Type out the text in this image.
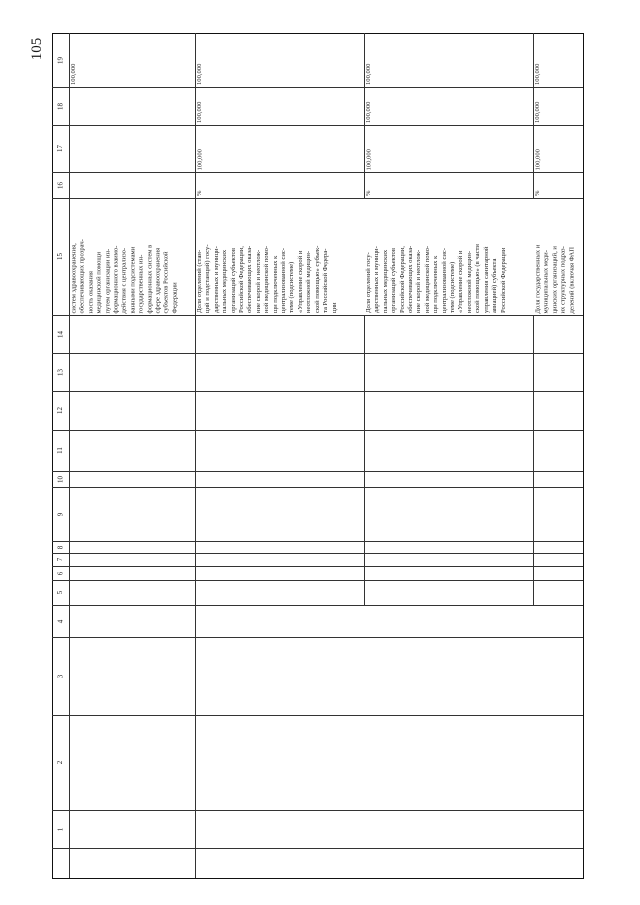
105	19
18
17
16
15
14
13
12
11
10
9
8
7
6
5
4
3
2
1
систем здравоохранения,
обеспечивающих прозрач-
ность оказания
медицинской помощи
путем организации ин-
формационного взаимо-
действия с централизо-
ванными подсистемами
государственных ин-
формационных систем в
сфере здравоохранения
субъектов Российской
Федерации
100,000
Доля отделений (стан-
ций и подстанций) госу-
дарственных и муници-
пальных медицинских
организаций субъектов
Российской Федерации,
обеспечивающих оказа-
ние скорой и неотлож-
ной медицинской помо-
щи подключенных к
централизованной сис-
теме (подсистеме)
«Управление скорой и
неотложной медицин-
ской помощью» субъек-
та Российской Федера-
ции
%
100,000
100,000
100,000
Доля отделений госу-
дарственных и муници-
пальных медицинских
организаций субъектов
Российской Федерации,
обеспечивающих оказа-
ние скорой и неотлож-
ной медицинской помо-
щи подключенных к
централизованной сис-
теме (подсистеме)
«Управление скорой и
неотложной медицин-
ской помощью» (в части
управления санитарной
авиацией) субъекта
Российской Федерации
%
100,000
100,000
100,000
Доля государственных и
муниципальных меди-
цинских организаций, и
их структурных подраз-
делений (включая ФАП
%
100,000
100,000
100,000
